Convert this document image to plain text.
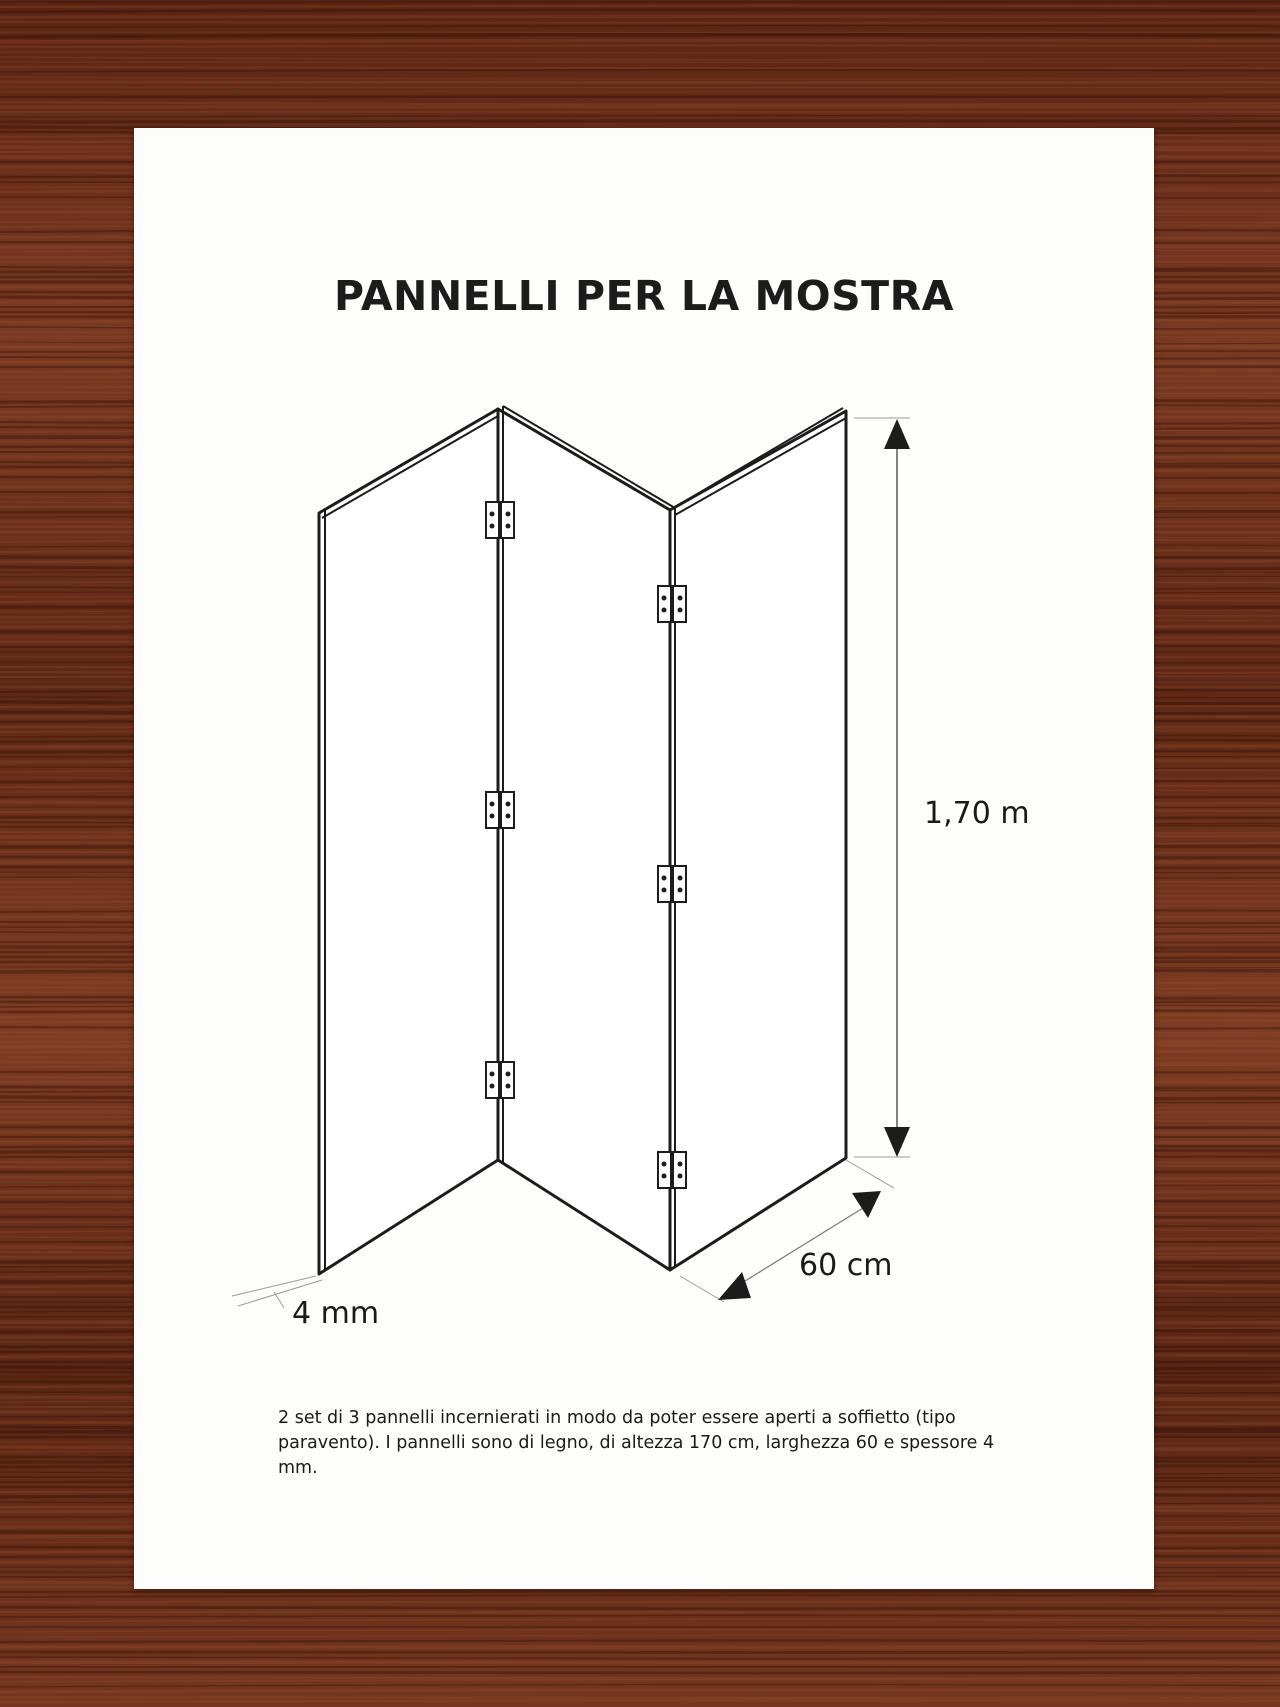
PANNELLI PER LA MOSTRA
1,70 m
60 cm
4 mm
2 set di 3 pannelli incernierati in modo da poter essere aperti a soffietto (tipo paravento). I pannelli sono di legno, di altezza 170 cm, larghezza 60 e spessore 4 mm.
